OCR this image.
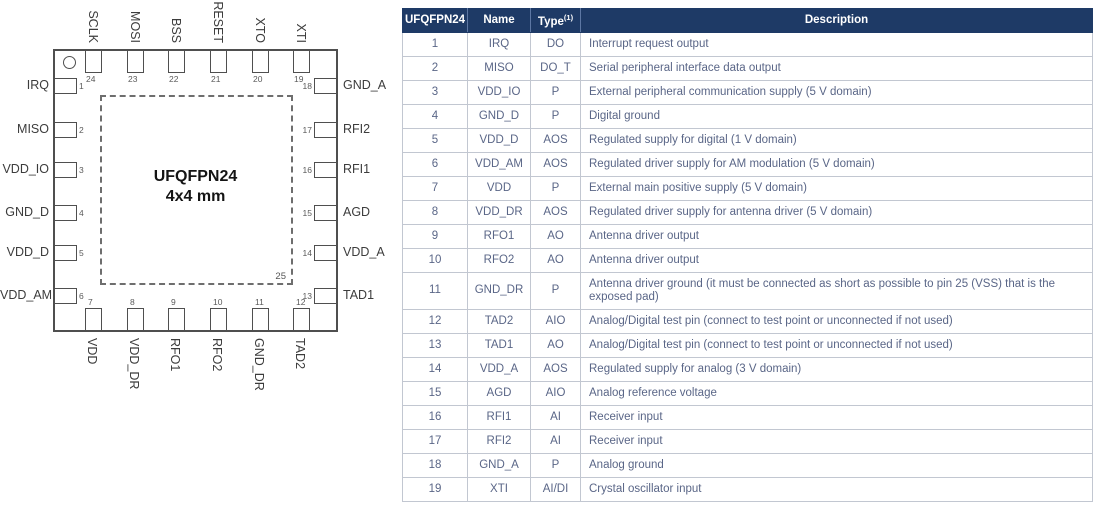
25
UFQFPN24
4x4 mm
24	23	22	21	20	19
7	8	9	10	11	12
1
2
3
4
5
6
18
17
16
15
14
13
SCLK MOSI BSS RESET XTO XTI
VDD VDD_DR RFO1 RFO2 GND_DR TAD2
IRQ
MISO
VDD_IO
GND_D
VDD_D
VDD_AM
GND_A
RFI2
RFI1
AGD
VDD_A
TAD1
UFQFPN24	Name	Type$^{(1)}$	Description
1	IRQ	DO	Interrupt request output
2	MISO	DO_T	Serial peripheral interface data output
3	VDD_IO	P	External peripheral communication supply (5 V domain)
4	GND_D	P	Digital ground
5	VDD_D	AOS	Regulated supply for digital (1 V domain)
6	VDD_AM	AOS	Regulated driver supply for AM modulation (5 V domain)
7	VDD	P	External main positive supply (5 V domain)
8	VDD_DR	AOS	Regulated driver supply for antenna driver (5 V domain)
9	RFO1	AO	Antenna driver output
10	RFO2	AO	Antenna driver output
11	GND_DR	P	Antenna driver ground (it must be connected as short as possible to pin 25 (VSS) that is the exposed pad)
12	TAD2	AIO	Analog/Digital test pin (connect to test point or unconnected if not used)
13	TAD1	AO	Analog/Digital test pin (connect to test point or unconnected if not used)
14	VDD_A	AOS	Regulated supply for analog (3 V domain)
15	AGD	AIO	Analog reference voltage
16	RFI1	AI	Receiver input
17	RFI2	AI	Receiver input
18	GND_A	P	Analog ground
19	XTI	AI/DI	Crystal oscillator input
